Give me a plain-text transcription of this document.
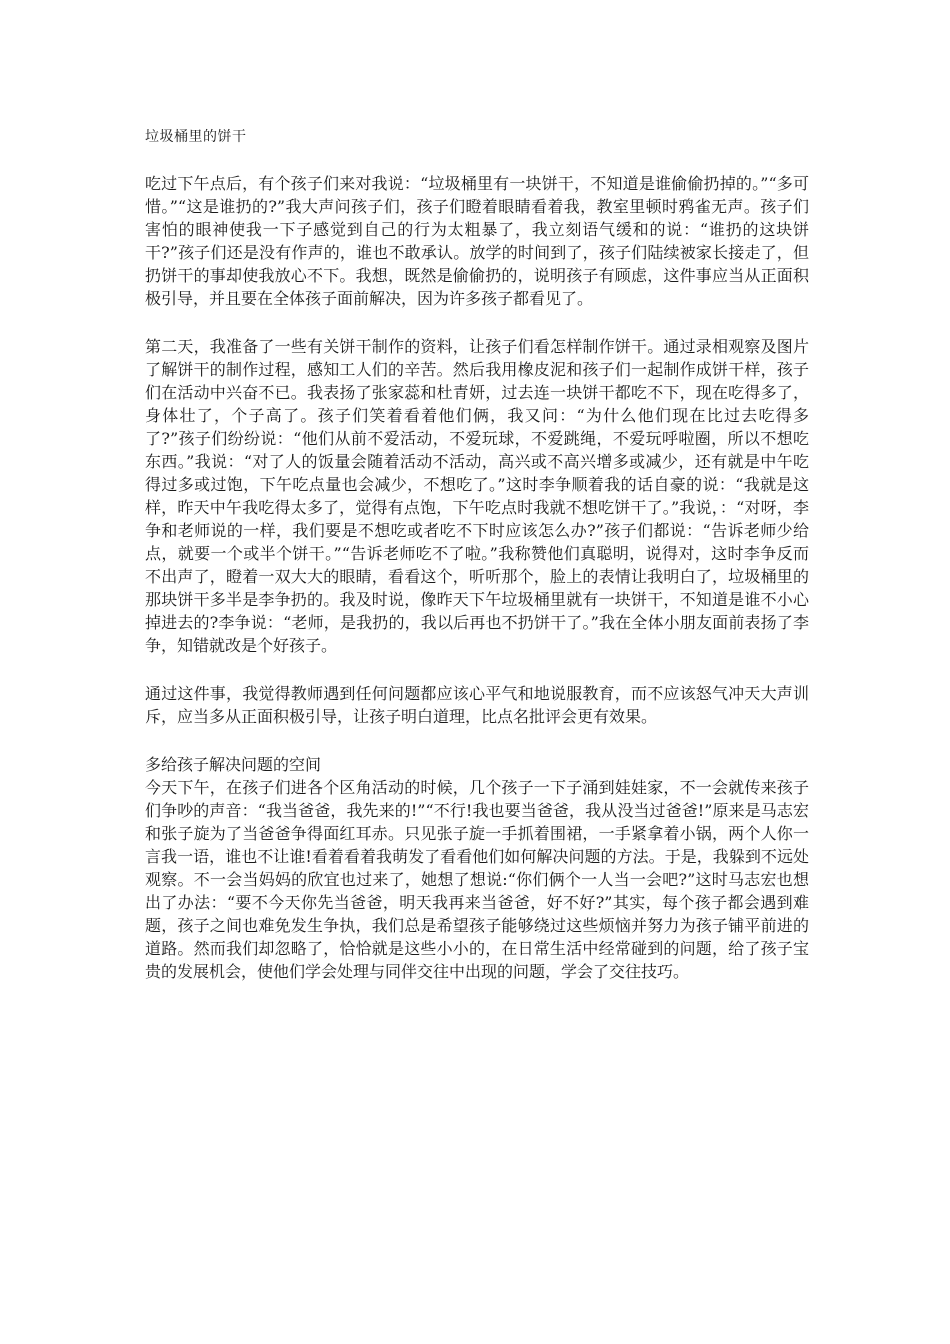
垃圾桶里的饼干

吃过下午点后，有个孩子们来对我说：“垃圾桶里有一块饼干，不知道是谁偷偷扔掉的。”“多可惜。”“这是谁扔的?”我大声问孩子们，孩子们瞪着眼睛看着我，教室里顿时鸦雀无声。孩子们害怕的眼神使我一下子感觉到自己的行为太粗暴了，我立刻语气缓和的说：“谁扔的这块饼干?”孩子们还是没有作声的，谁也不敢承认。放学的时间到了，孩子们陆续被家长接走了，但扔饼干的事却使我放心不下。我想，既然是偷偷扔的，说明孩子有顾虑，这件事应当从正面积极引导，并且要在全体孩子面前解决，因为许多孩子都看见了。

第二天，我准备了一些有关饼干制作的资料，让孩子们看怎样制作饼干。通过录相观察及图片了解饼干的制作过程，感知工人们的辛苦。然后我用橡皮泥和孩子们一起制作成饼干样，孩子们在活动中兴奋不已。我表扬了张家蕊和杜青妍，过去连一块饼干都吃不下，现在吃得多了，身体壮了，个子高了。孩子们笑着看着他们俩，我又问：“为什么他们现在比过去吃得多了?”孩子们纷纷说：“他们从前不爱活动，不爱玩球，不爱跳绳，不爱玩呼啦圈，所以不想吃东西。”我说：“对了人的饭量会随着活动不活动，高兴或不高兴增多或减少，还有就是中午吃得过多或过饱，下午吃点量也会减少，不想吃了。”这时李争顺着我的话自豪的说：“我就是这样，昨天中午我吃得太多了，觉得有点饱，下午吃点时我就不想吃饼干了。”我说，：“对呀，李争和老师说的一样，我们要是不想吃或者吃不下时应该怎么办?”孩子们都说：“告诉老师少给点，就要一个或半个饼干。”“告诉老师吃不了啦。”我称赞他们真聪明，说得对，这时李争反而不出声了，瞪着一双大大的眼睛，看看这个，听听那个，脸上的表情让我明白了，垃圾桶里的那块饼干多半是李争扔的。我及时说，像昨天下午垃圾桶里就有一块饼干，不知道是谁不小心掉进去的?李争说：“老师，是我扔的，我以后再也不扔饼干了。”我在全体小朋友面前表扬了李争，知错就改是个好孩子。

通过这件事，我觉得教师遇到任何问题都应该心平气和地说服教育，而不应该怒气冲天大声训斥，应当多从正面积极引导，让孩子明白道理，比点名批评会更有效果。

多给孩子解决问题的空间

今天下午，在孩子们进各个区角活动的时候，几个孩子一下子涌到娃娃家，不一会就传来孩子们争吵的声音：“我当爸爸，我先来的!”“不行!我也要当爸爸，我从没当过爸爸!”原来是马志宏和张子旋为了当爸爸争得面红耳赤。只见张子旋一手抓着围裙，一手紧拿着小锅，两个人你一言我一语，谁也不让谁!看着看着我萌发了看看他们如何解决问题的方法。于是，我躲到不远处观察。不一会当妈妈的欣宜也过来了，她想了想说:“你们俩个一人当一会吧?”这时马志宏也想出了办法：“要不今天你先当爸爸，明天我再来当爸爸，好不好?”其实，每个孩子都会遇到难题，孩子之间也难免发生争执，我们总是希望孩子能够绕过这些烦恼并努力为孩子铺平前进的道路。然而我们却忽略了，恰恰就是这些小小的，在日常生活中经常碰到的问题，给了孩子宝贵的发展机会，使他们学会处理与同伴交往中出现的问题，学会了交往技巧。
